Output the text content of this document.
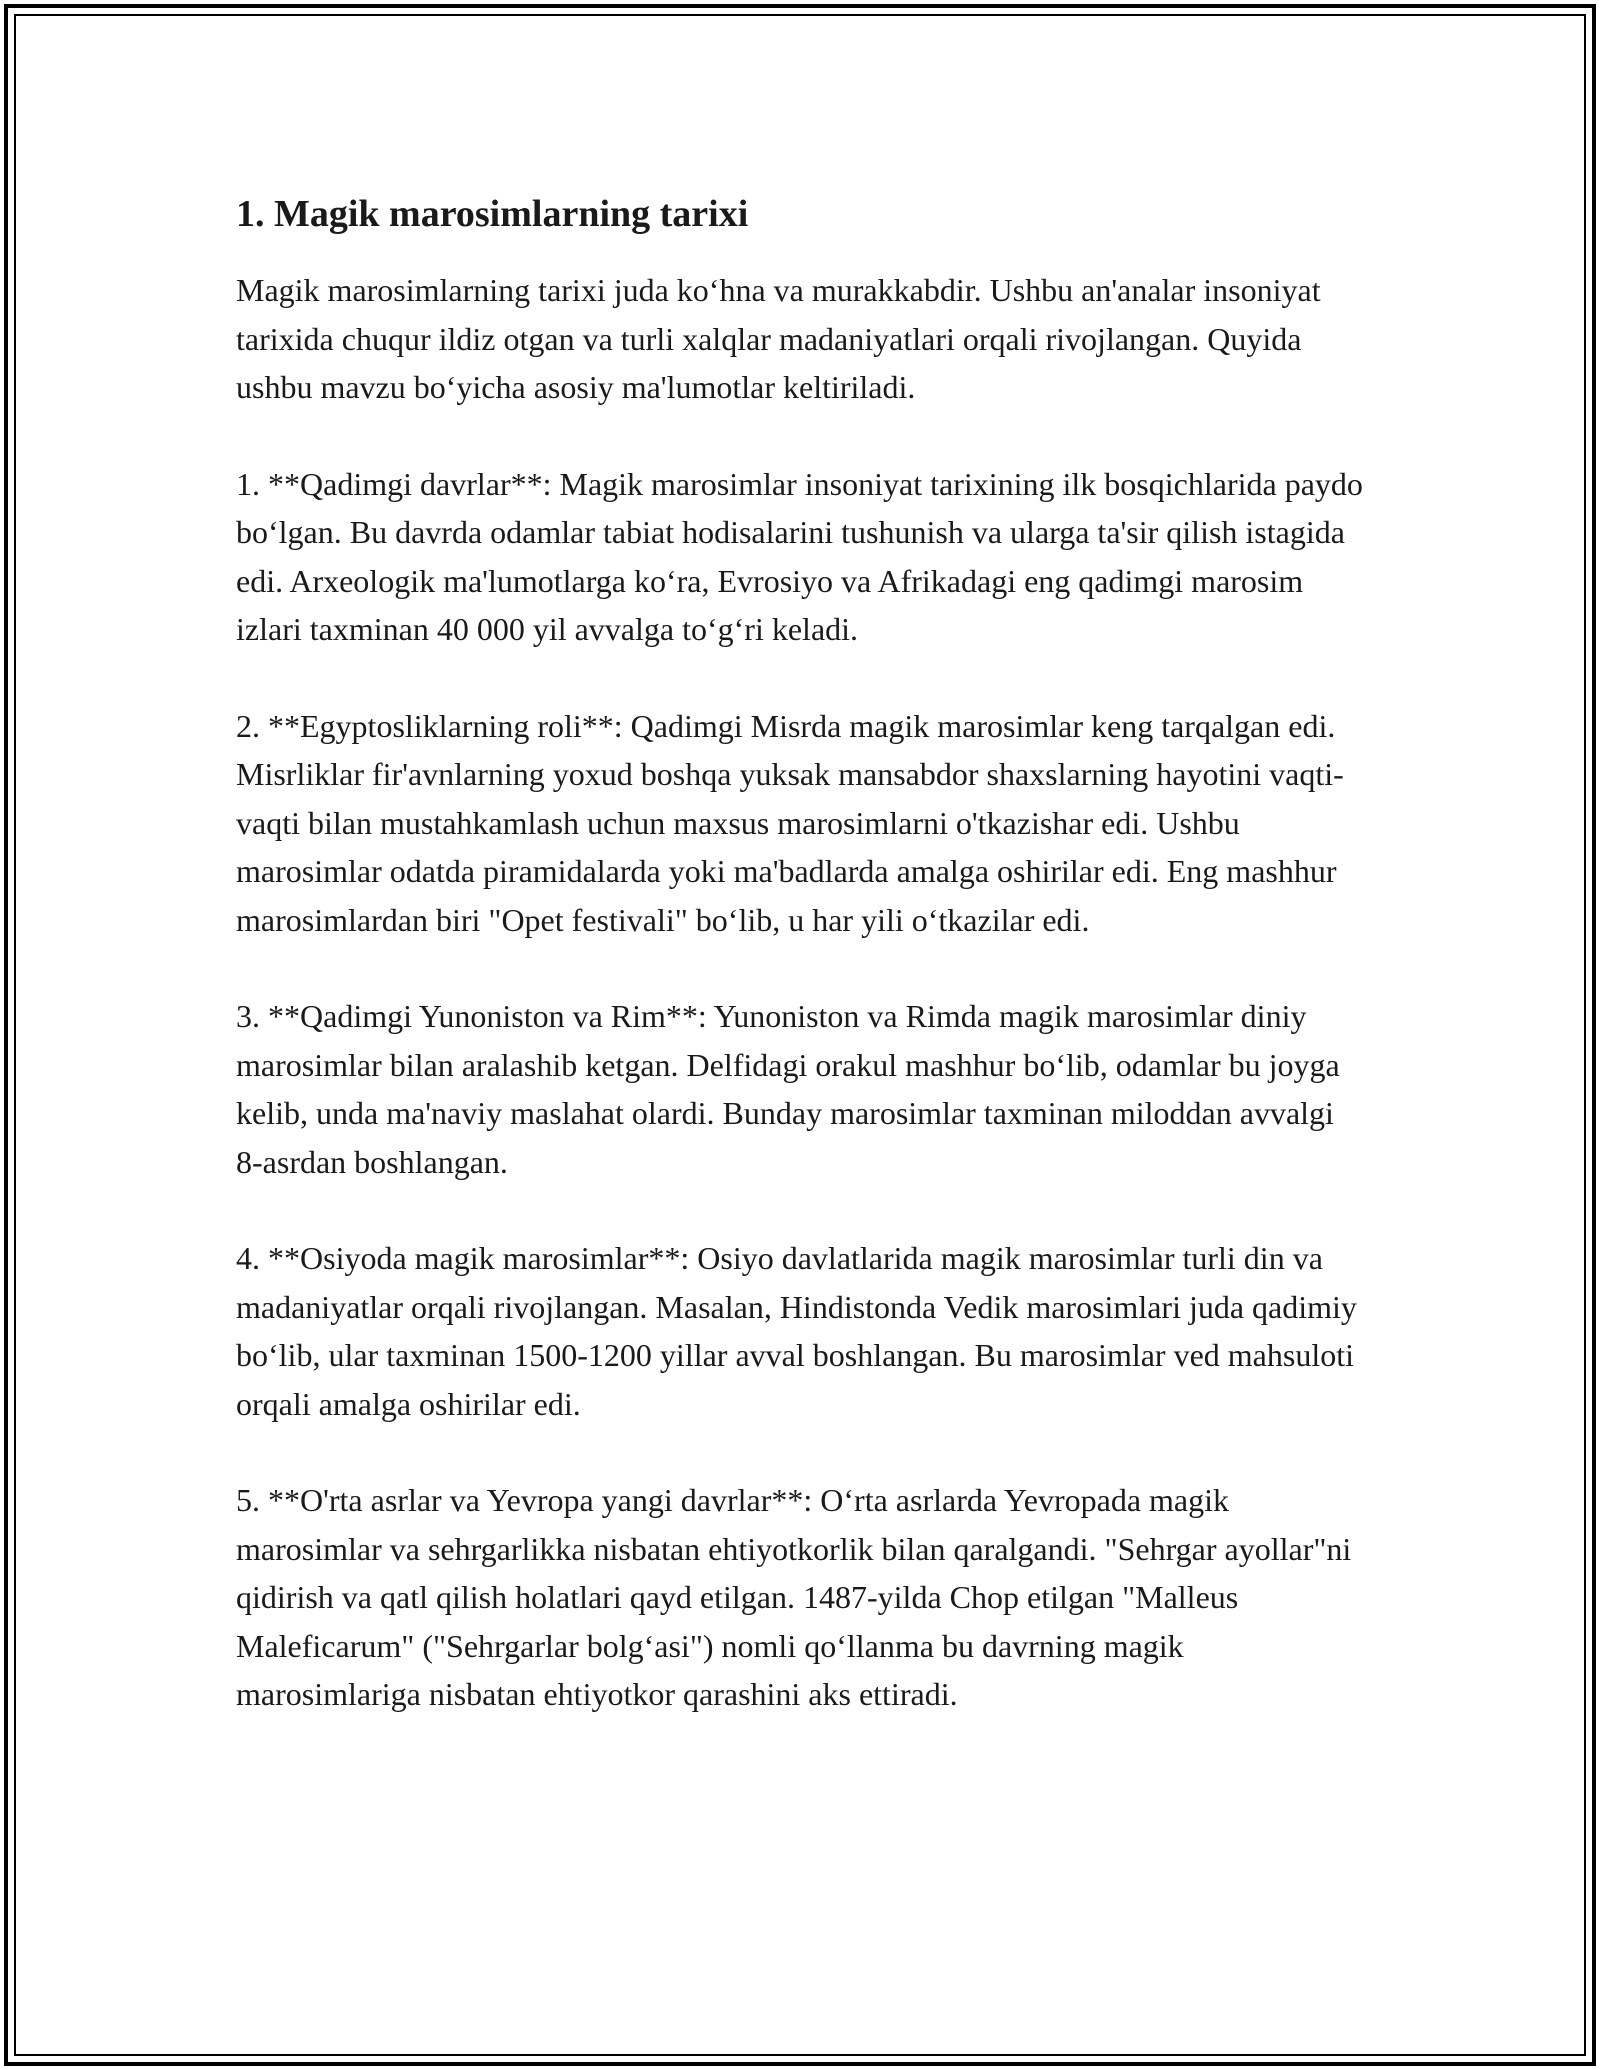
1. Magik marosimlarning tarixi

Magik marosimlarning tarixi juda ko‘hna va murakkabdir. Ushbu an'analar insoniyat tarixida chuqur ildiz otgan va turli xalqlar madaniyatlari orqali rivojlangan. Quyida ushbu mavzu bo‘yicha asosiy ma'lumotlar keltiriladi.

1. **Qadimgi davrlar**: Magik marosimlar insoniyat tarixining ilk bosqichlarida paydo bo‘lgan. Bu davrda odamlar tabiat hodisalarini tushunish va ularga ta'sir qilish istagida edi. Arxeologik ma'lumotlarga ko‘ra, Evrosiyo va Afrikadagi eng qadimgi marosim izlari taxminan 40 000 yil avvalga to‘g‘ri keladi.

2. **Egyptosliklarning roli**: Qadimgi Misrda magik marosimlar keng tarqalgan edi. Misrliklar fir'avnlarning yoxud boshqa yuksak mansabdor shaxslarning hayotini vaqti-vaqti bilan mustahkamlash uchun maxsus marosimlarni o'tkazishar edi. Ushbu marosimlar odatda piramidalarda yoki ma'badlarda amalga oshirilar edi. Eng mashhur marosimlardan biri "Opet festivali" bo‘lib, u har yili o‘tkazilar edi.

3. **Qadimgi Yunoniston va Rim**: Yunoniston va Rimda magik marosimlar diniy marosimlar bilan aralashib ketgan. Delfidagi orakul mashhur bo‘lib, odamlar bu joyga kelib, unda ma'naviy maslahat olardi. Bunday marosimlar taxminan miloddan avvalgi 8-asrdan boshlangan.

4. **Osiyoda magik marosimlar**: Osiyo davlatlarida magik marosimlar turli din va madaniyatlar orqali rivojlangan. Masalan, Hindistonda Vedik marosimlari juda qadimiy bo‘lib, ular taxminan 1500-1200 yillar avval boshlangan. Bu marosimlar ved mahsuloti orqali amalga oshirilar edi.

5. **O'rta asrlar va Yevropa yangi davrlar**: O‘rta asrlarda Yevropada magik marosimlar va sehrgarlikka nisbatan ehtiyotkorlik bilan qaralgandi. "Sehrgar ayollar"ni qidirish va qatl qilish holatlari qayd etilgan. 1487-yilda Chop etilgan "Malleus Maleficarum" ("Sehrgarlar bolg‘asi") nomli qo‘llanma bu davrning magik marosimlariga nisbatan ehtiyotkor qarashini aks ettiradi.
